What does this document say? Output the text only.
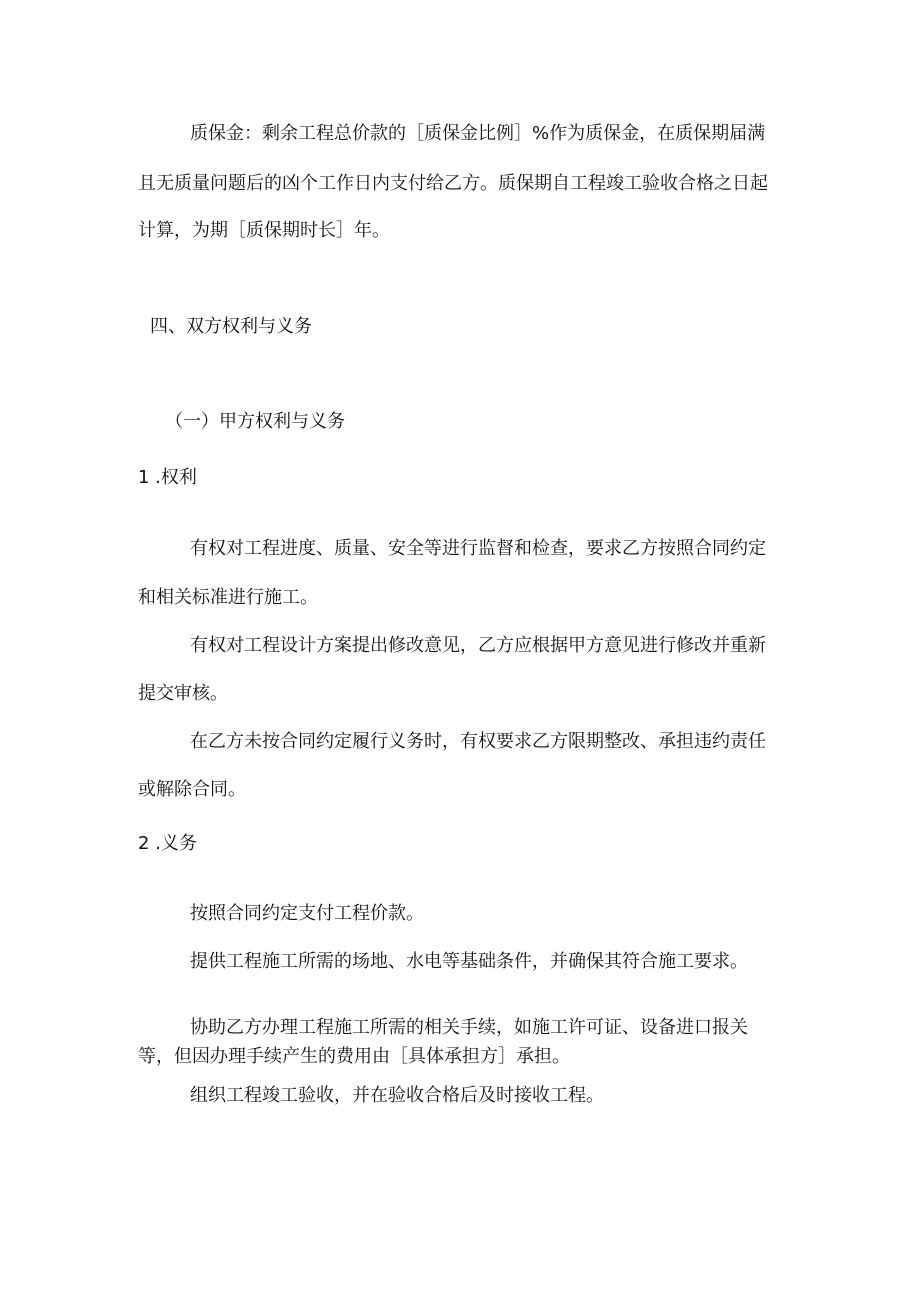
质保金：剩余工程总价款的［质保金比例］%作为质保金，在质保期届满
且无质量问题后的凶个工作日内支付给乙方。质保期自工程竣工验收合格之日起
计算，为期［质保期时长］年。
四、双方权利与义务
（一）甲方权利与义务
1 .权利
有权对工程进度、质量、安全等进行监督和检查，要求乙方按照合同约定
和相关标准进行施工。
有权对工程设计方案提出修改意见，乙方应根据甲方意见进行修改并重新
提交审核。
在乙方未按合同约定履行义务时，有权要求乙方限期整改、承担违约责任
或解除合同。
2 .义务
按照合同约定支付工程价款。
提供工程施工所需的场地、水电等基础条件，并确保其符合施工要求。
协助乙方办理工程施工所需的相关手续，如施工许可证、设备进口报关
等，但因办理手续产生的费用由［具体承担方］承担。
组织工程竣工验收，并在验收合格后及时接收工程。
